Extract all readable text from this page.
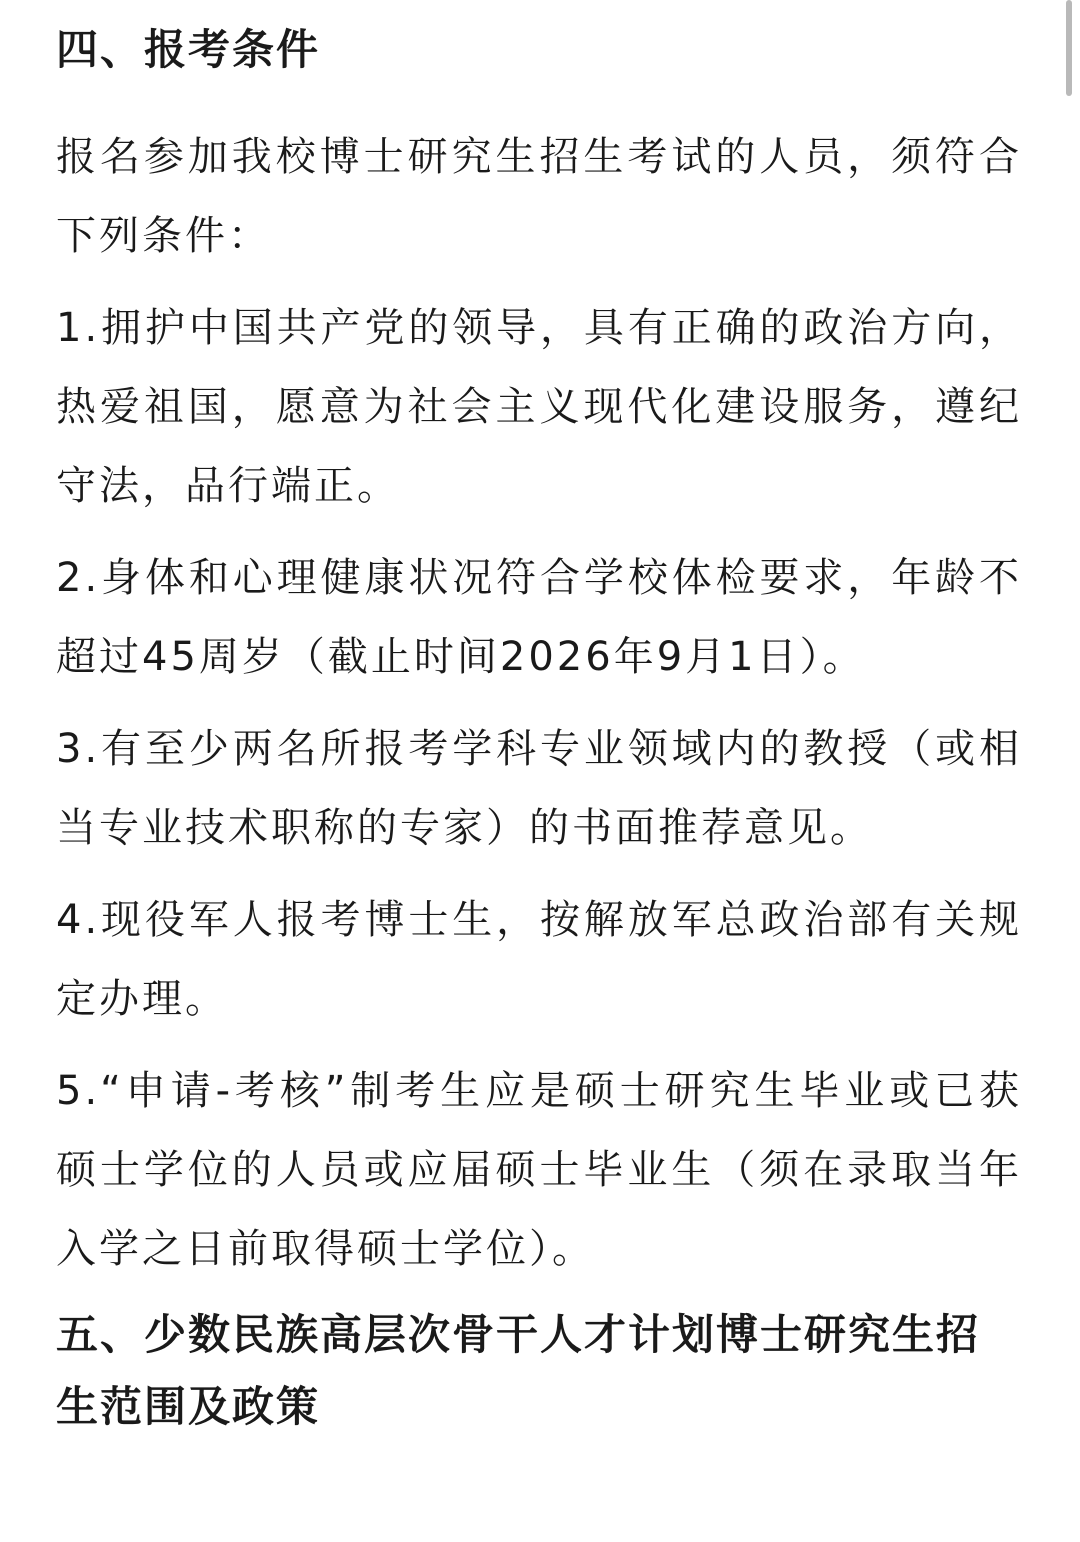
四、报考条件

报名参加我校博士研究生招生考试的人员，须符合下列条件：

1.拥护中国共产党的领导，具有正确的政治方向，热爱祖国，愿意为社会主义现代化建设服务，遵纪守法，品行端正。

2.身体和心理健康状况符合学校体检要求，年龄不超过45周岁（截止时间2026年9月1日）。

3.有至少两名所报考学科专业领域内的教授（或相当专业技术职称的专家）的书面推荐意见。

4.现役军人报考博士生，按解放军总政治部有关规定办理。

5.“申请-考核”制考生应是硕士研究生毕业或已获硕士学位的人员或应届硕士毕业生（须在录取当年入学之日前取得硕士学位）。

五、少数民族高层次骨干人才计划博士研究生招生范围及政策
